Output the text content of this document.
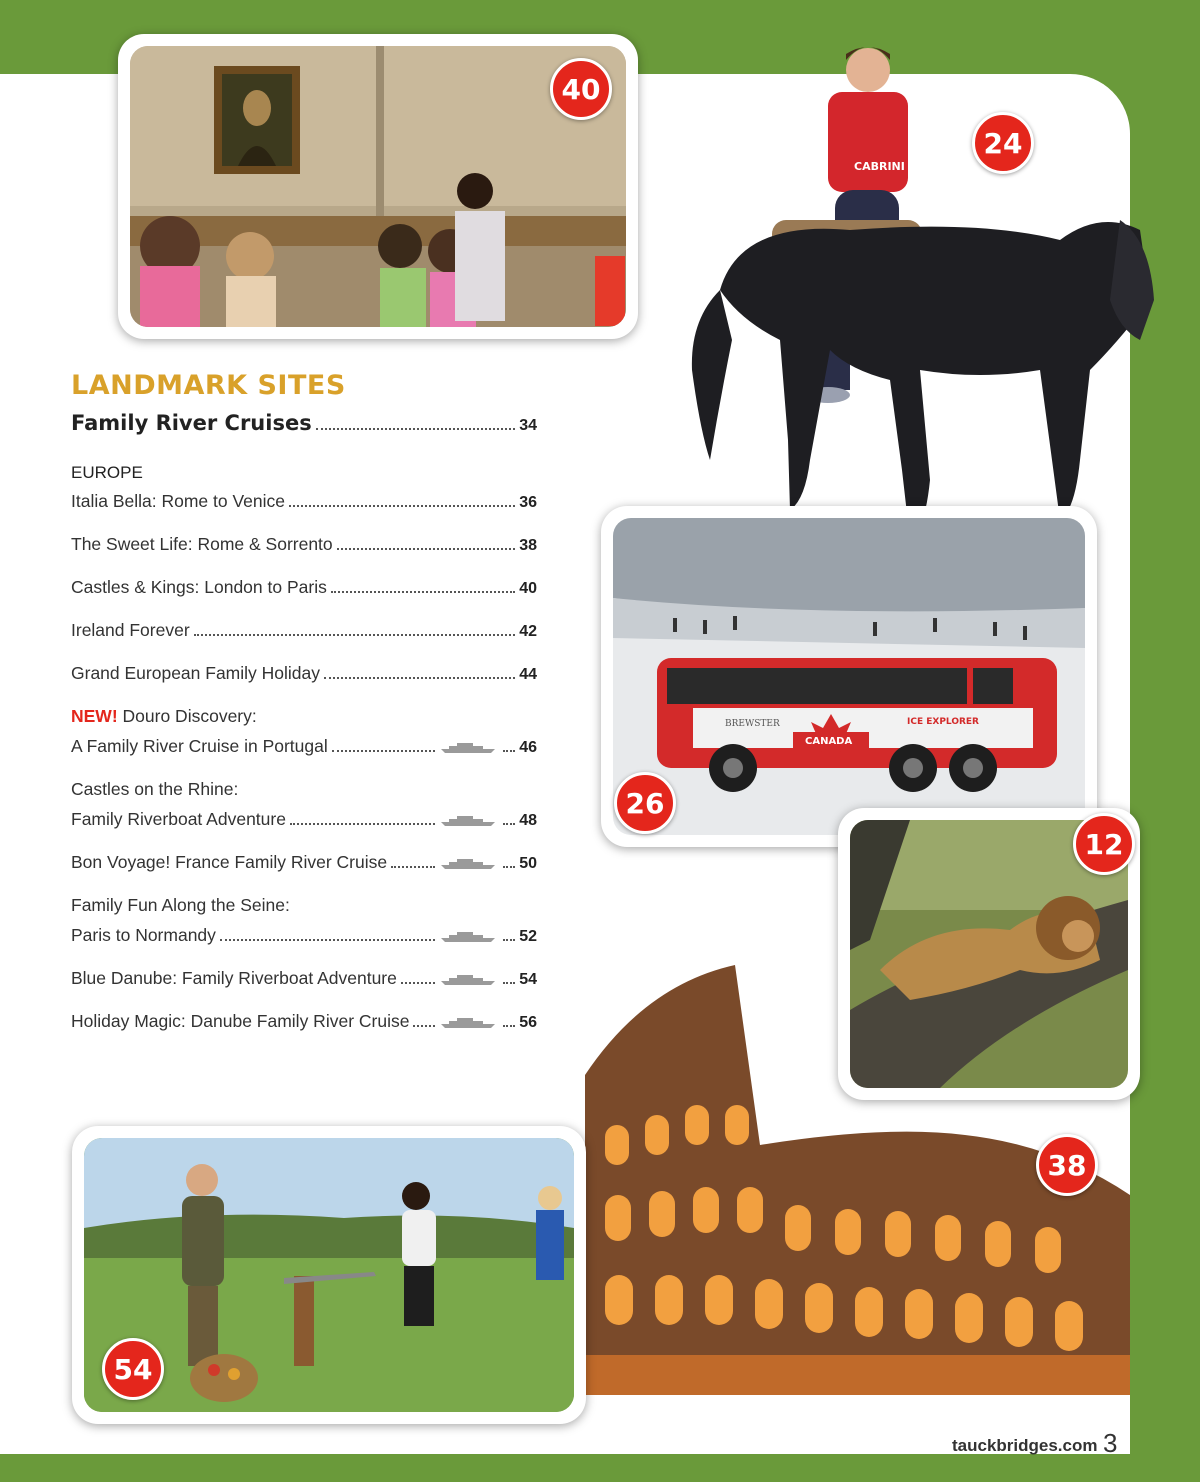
40
CABRINI
24
BREWSTER	ICE EXPLORER
CANADA
26
12
38
54
LANDMARK SITES
Family River Cruises	34
EUROPE
Italia Bella: Rome to Venice	36
The Sweet Life: Rome & Sorrento	38
Castles & Kings: London to Paris	40
Ireland Forever	42
Grand European Family Holiday	44
NEW! Douro Discovery:
A Family River Cruise in Portugal	46
Castles on the Rhine:
Family Riverboat Adventure	48
Bon Voyage! France Family River Cruise	50
Family Fun Along the Seine:
Paris to Normandy	52
Blue Danube: Family Riverboat Adventure	54
Holiday Magic: Danube Family River Cruise	56
tauckbridges.com 3
